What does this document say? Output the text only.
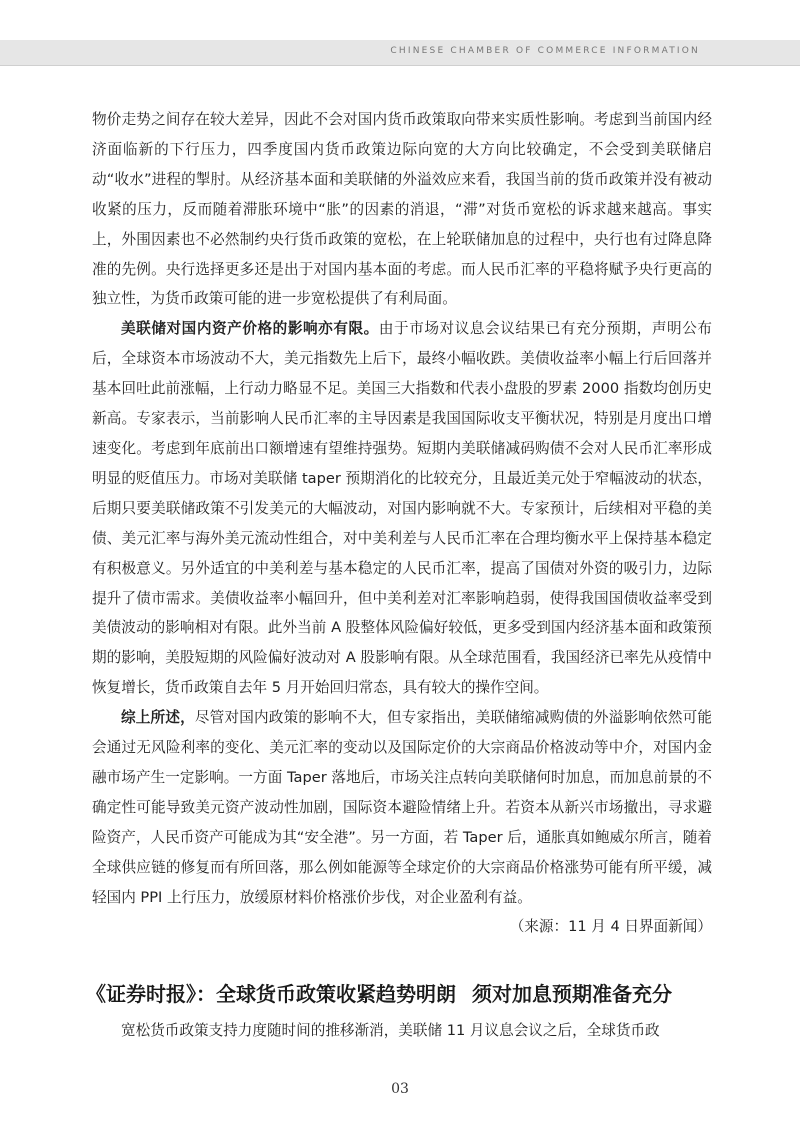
CHINESE CHAMBER OF COMMERCE INFORMATION

物价走势之间存在较大差异，因此不会对国内货币政策取向带来实质性影响。考虑到当前国内经济面临新的下行压力，四季度国内货币政策边际向宽的大方向比较确定，不会受到美联储启动“收水”进程的掣肘。从经济基本面和美联储的外溢效应来看，我国当前的货币政策并没有被动收紧的压力，反而随着滞胀环境中“胀”的因素的消退，“滞”对货币宽松的诉求越来越高。事实上，外围因素也不必然制约央行货币政策的宽松，在上轮联储加息的过程中，央行也有过降息降准的先例。央行选择更多还是出于对国内基本面的考虑。而人民币汇率的平稳将赋予央行更高的独立性，为货币政策可能的进一步宽松提供了有利局面。

美联储对国内资产价格的影响亦有限。由于市场对议息会议结果已有充分预期，声明公布后，全球资本市场波动不大，美元指数先上后下，最终小幅收跌。美债收益率小幅上行后回落并基本回吐此前涨幅，上行动力略显不足。美国三大指数和代表小盘股的罗素 2000 指数均创历史新高。专家表示，当前影响人民币汇率的主导因素是我国国际收支平衡状况，特别是月度出口增速变化。考虑到年底前出口额增速有望维持强势。短期内美联储减码购债不会对人民币汇率形成明显的贬值压力。市场对美联储 taper 预期消化的比较充分，且最近美元处于窄幅波动的状态，后期只要美联储政策不引发美元的大幅波动，对国内影响就不大。专家预计，后续相对平稳的美债、美元汇率与海外美元流动性组合，对中美利差与人民币汇率在合理均衡水平上保持基本稳定有积极意义。另外适宜的中美利差与基本稳定的人民币汇率，提高了国债对外资的吸引力，边际提升了债市需求。美债收益率小幅回升，但中美利差对汇率影响趋弱，使得我国国债收益率受到美债波动的影响相对有限。此外当前 A 股整体风险偏好较低，更多受到国内经济基本面和政策预期的影响，美股短期的风险偏好波动对 A 股影响有限。从全球范围看，我国经济已率先从疫情中恢复增长，货币政策自去年 5 月开始回归常态，具有较大的操作空间。

综上所述，尽管对国内政策的影响不大，但专家指出，美联储缩减购债的外溢影响依然可能会通过无风险利率的变化、美元汇率的变动以及国际定价的大宗商品价格波动等中介，对国内金融市场产生一定影响。一方面 Taper 落地后，市场关注点转向美联储何时加息，而加息前景的不确定性可能导致美元资产波动性加剧，国际资本避险情绪上升。若资本从新兴市场撤出，寻求避险资产，人民币资产可能成为其“安全港”。另一方面，若 Taper 后，通胀真如鲍威尔所言，随着全球供应链的修复而有所回落，那么例如能源等全球定价的大宗商品价格涨势可能有所平缓，减轻国内 PPI 上行压力，放缓原材料价格涨价步伐，对企业盈利有益。

（来源：11 月 4 日界面新闻）

《证券时报》：全球货币政策收紧趋势明朗 须对加息预期准备充分

宽松货币政策支持力度随时间的推移渐消，美联储 11 月议息会议之后，全球货币政

03
